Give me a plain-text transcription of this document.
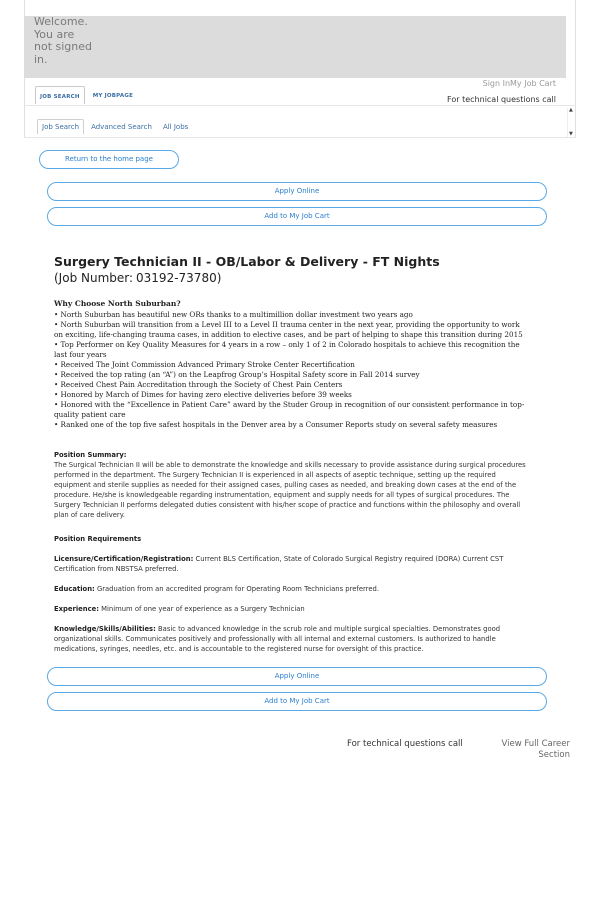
Welcome. You are not signed in.
Sign InMy Job Cart
JOB SEARCH	MY JOBPAGE	For technical questions call
▲
▼
Job Search	Advanced Search	All Jobs
Return to the home page
Apply Online
Add to My Job Cart
Surgery Technician II - OB/Labor & Delivery - FT Nights
(Job Number: 03192-73780)
Why Choose North Suburban?
• North Suburban has beautiful new ORs thanks to a multimillion dollar investment two years ago
• North Suburban will transition from a Level III to a Level II trauma center in the next year, providing the opportunity to work on exciting, life-changing trauma cases, in addition to elective cases, and be part of helping to shape this transition during 2015
• Top Performer on Key Quality Measures for 4 years in a row – only 1 of 2 in Colorado hospitals to achieve this recognition the last four years
• Received The Joint Commission Advanced Primary Stroke Center Recertification
• Received the top rating (an “A”) on the Leapfrog Group’s Hospital Safety score in Fall 2014 survey
• Received Chest Pain Accreditation through the Society of Chest Pain Centers
• Honored by March of Dimes for having zero elective deliveries before 39 weeks
• Honored with the “Excellence in Patient Care” award by the Studer Group in recognition of our consistent performance in top-quality patient care
• Ranked one of the top five safest hospitals in the Denver area by a Consumer Reports study on several safety measures
Position Summary:
The Surgical Technician II will be able to demonstrate the knowledge and skills necessary to provide assistance during surgical procedures performed in the department. The Surgery Technician II is experienced in all aspects of aseptic technique, setting up the required equipment and sterile supplies as needed for their assigned cases, pulling cases as needed, and breaking down cases at the end of the procedure. He/she is knowledgeable regarding instrumentation, equipment and supply needs for all types of surgical procedures. The Surgery Technician II performs delegated duties consistent with his/her scope of practice and functions within the philosophy and overall plan of care delivery.
Position Requirements
Licensure/Certification/Registration: Current BLS Certification, State of Colorado Surgical Registry required (DORA) Current CST Certification from NBSTSA preferred.
Education: Graduation from an accredited program for Operating Room Technicians preferred.
Experience: Minimum of one year of experience as a Surgery Technician
Knowledge/Skills/Abilities: Basic to advanced knowledge in the scrub role and multiple surgical specialties. Demonstrates good organizational skills. Communicates positively and professionally with all internal and external customers. Is authorized to handle medications, syringes, needles, etc. and is accountable to the registered nurse for oversight of this practice.
Apply Online
Add to My Job Cart
For technical questions call	View Full Career Section
